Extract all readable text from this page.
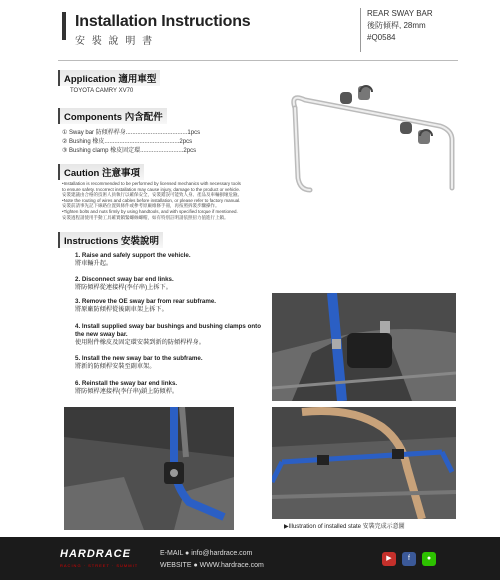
Installation Instructions
安 裝 說 明 書
REAR SWAY BAR
後防傾桿, 28mm
#Q0584
Application 適用車型
TOYOTA CAMRY XV70
Components 內含配件
① Sway bar 防傾桿桿身.....................................1pcs
② Bushing 橡皮.............................................2pcs
③ Bushing clamp 橡皮固定環..........................2pcs
Caution 注意事項
•Installation is recommended to be performed by licensed mechanics with necessary tools
to ensure safety. Incorrect installation may cause injury, damage to the product or vehicle.
安裝建議由合格的技術人員執行以確保安全，安裝錯誤可能致人身、產品及車輛損壞危險。
•Note the routing of wires and cables before installation, or please refer to factory manual.
安裝前請事先記下線路位置與條件或參考原廠維修手冊，再按照拆裝步驟操作。
•Tighten bolts and nuts firmly by using handtools, and with specified torque if mentioned.
安裝過程請使用手動工具確實鎖緊螺絲螺帽，如有特別註明請依照扭力值進行上鎖。
Instructions 安裝說明
1. Raise and safely support the vehicle.
將車輛升起。
2. Disconnect sway bar end links.
將防傾桿從連接桿(李仔串)上拆下。
3. Remove the OE sway bar from rear subframe.
將原廠防傾桿從後副車架上拆下。
4. Install supplied sway bar bushings and bushing clamps onto the new sway bar.
使用附件橡皮及固定環安裝到新的防傾桿桿身。
5. Install the new sway bar to the subframe.
將新的防傾桿安裝至副車架。
6. Reinstall the sway bar end links.
將防傾桿連接桿(李仔串)鎖上防傾桿。
▶Illustration of installed state 安裝完成示意圖
HARDRACE
RACING · STREET · SUMMIT
E-MAIL ● info@hardrace.com
WEBSITE ● WWW.hardrace.com
▶	f	●
